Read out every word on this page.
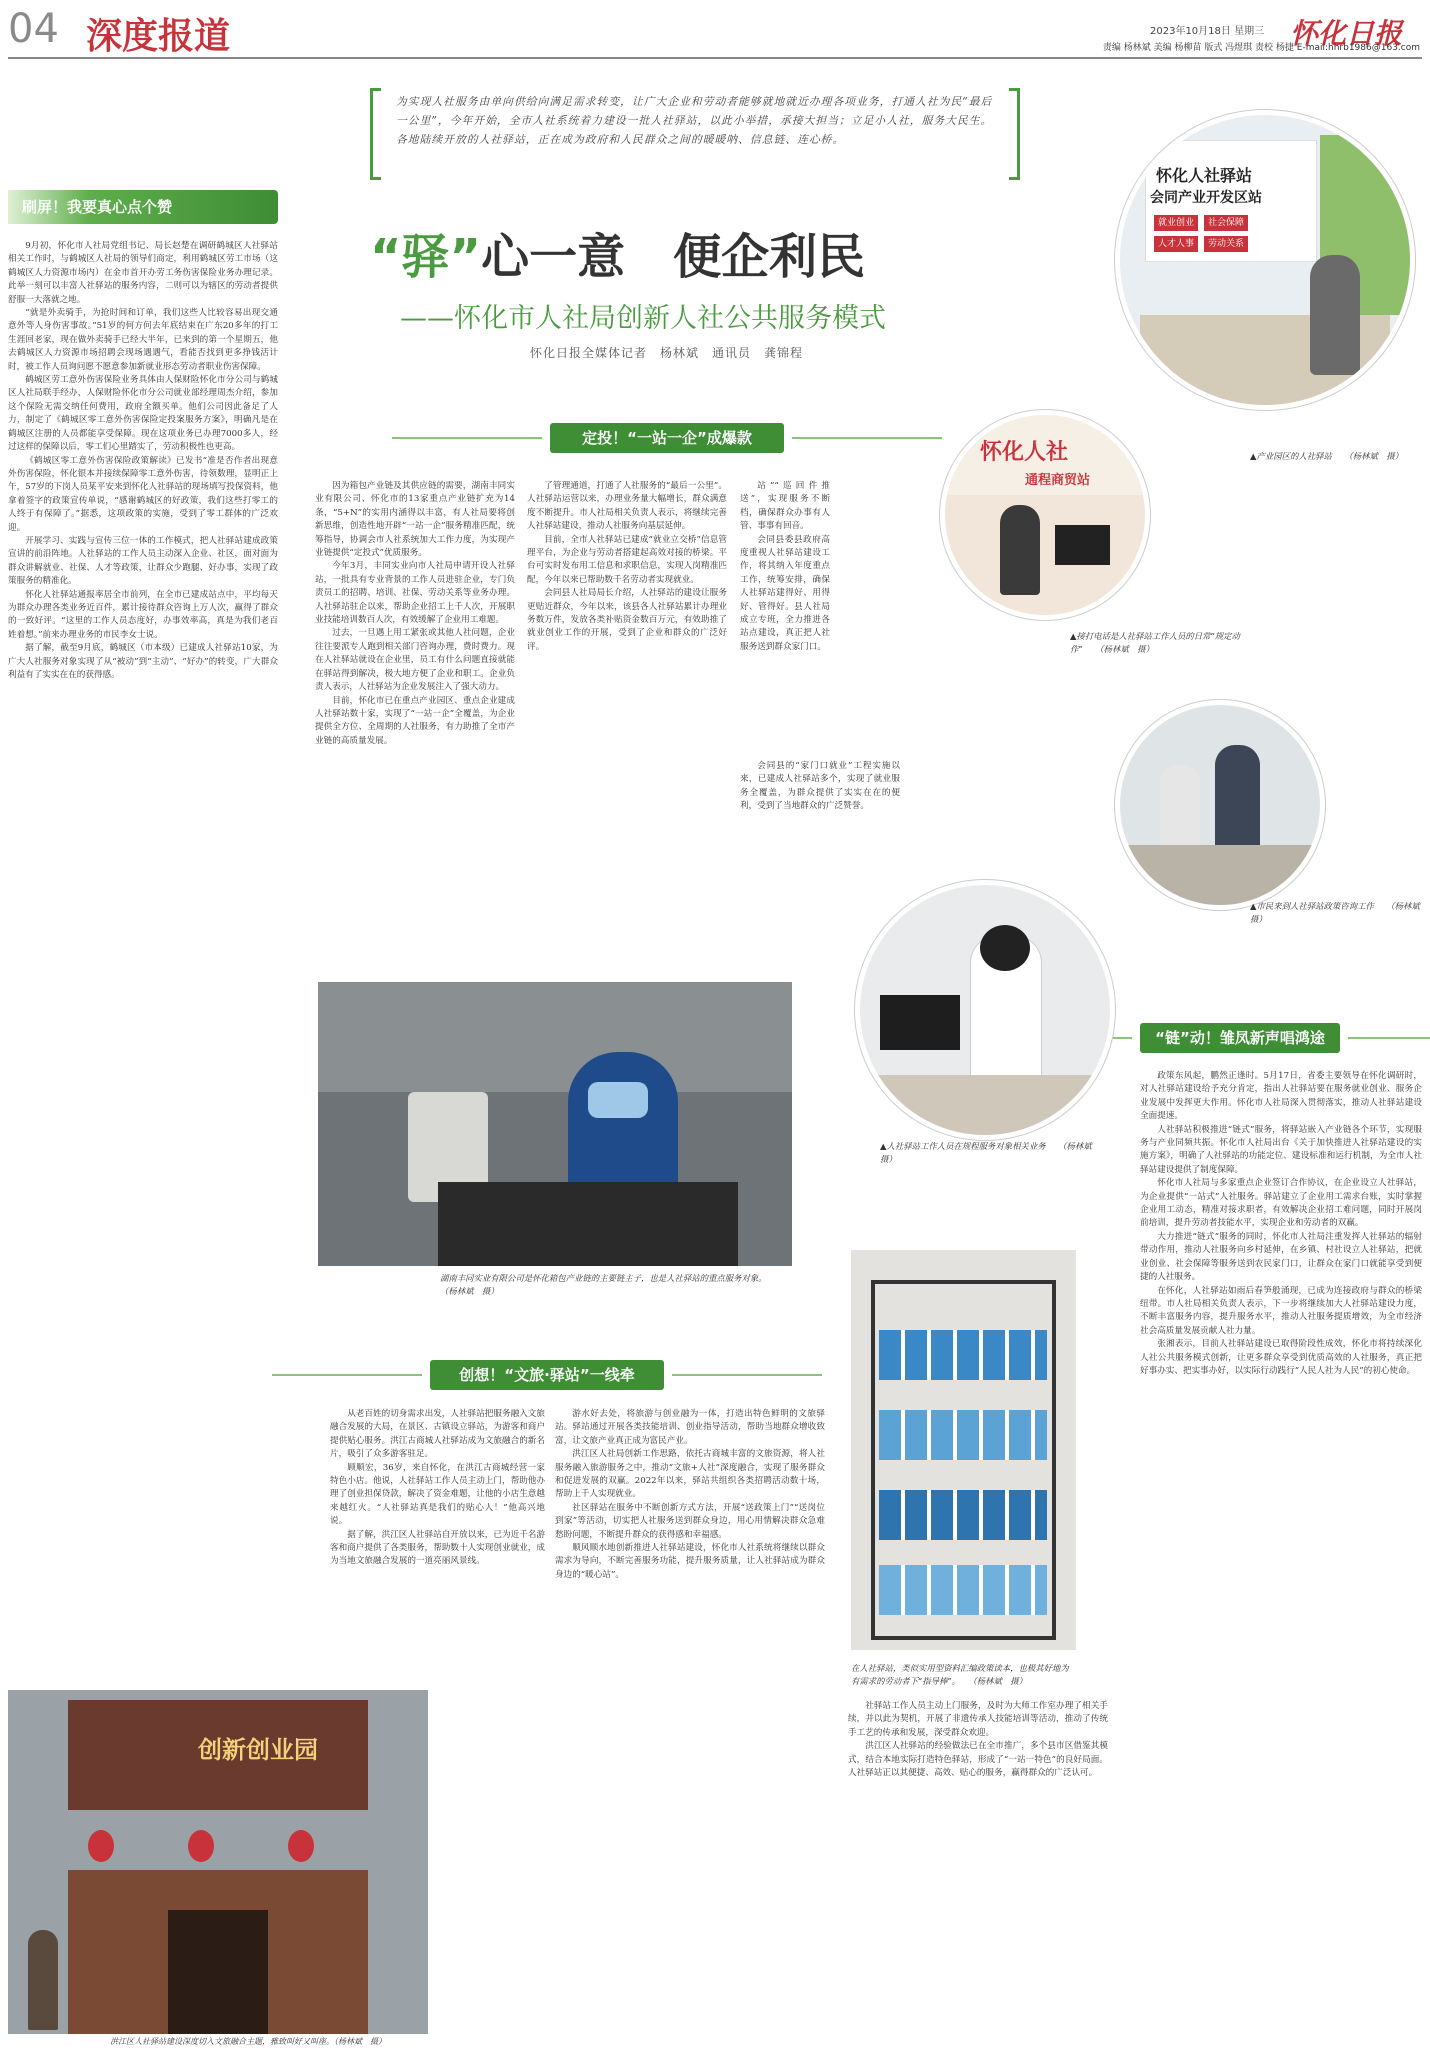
04 深度报道	2023年10月18日 星期三 怀化日报
责编 杨林斌 美编 杨柳苗 版式 冯煜琪 责校 杨捷 E-mail:hhrb1986@163.com
为实现人社服务由单向供给向满足需求转变，让广大企业和劳动者能够就地就近办理各项业务，打通人社为民“最后一公里”，今年开始，全市人社系统着力建设一批人社驿站，以此小举措，承接大担当；立足小人社，服务大民生。各地陆续开放的人社驿站，正在成为政府和人民群众之间的暖暖呐、信息链、连心桥。
“驿”心一意　便企利民
——怀化市人社局创新人社公共服务模式
怀化日报全媒体记者　杨林斌　通讯员　龚锦程
刷屏！我要真心点个赞
定投！“一站一企”成爆款
创想！“文旅·驿站”一线牵
“链”动！雏凤新声唱鸿途

9月初，怀化市人社局党组书记、局长赵楚在调研鹤城区人社驿站相关工作时，与鹤城区人社局的领导们商定，利用鹤城区劳工市场（这鹤城区人力资源市场内）在金市首开办劳工务伤害保险业务办理记录。此举一刻可以丰富人社驿站的服务内容，二则可以为辖区的劳动者提供舒服一大落就之地。

“就是外卖骑手，为抢时间和订单，我们这些人比较容易出现交通意外等人身伤害事故。”51岁的何方何去年底结束在广东20多年的打工生涯回老家，现在做外卖骑手已经大半年，已来到的第一个星期五，他去鹤城区人力资源市场招聘会现场遇遇气，看能否找到更多挣钱活计时，被工作人员询问愿不愿意参加新就业形态劳动者职业伤害保障。

鹤城区劳工意外伤害保险业务具体由人保财险怀化市分公司与鹤城区人社局联手经办，人保财险怀化市分公司就业部经理周杰介绍，参加这个保险无需交纳任何费用，政府全额买单。他们公司因此备足了人力，制定了《鹤城区零工意外伤害保险定投案服务方案》，明确凡是在鹤城区注册的人员都能享受保障。现在这项业务已办理7000多人，经过这样的保障以后，零工们心里踏实了，劳动积极性也更高。

《鹤城区零工意外伤害保险政策解读》已发书“准是否作者出现意外伤害保险，怀化银本并接续保障零工意外伤害，待领数理，显明正上午，57岁的下岗人员某平安来到怀化人社驿站的现场填写投保资料，他拿着签字的政策宣传单说，“感谢鹤城区的好政策，我们这些打零工的人终于有保障了。”据悉，这项政策的实施，受到了零工群体的广泛欢迎。

开展学习、实践与宣传三位一体的工作模式，把人社驿站建成政策宣讲的前沿阵地。人社驿站的工作人员主动深入企业、社区，面对面为群众讲解就业、社保、人才等政策，让群众少跑腿、好办事，实现了政策服务的精准化。

怀化人社驿站通报率居全市前列，在全市已建成站点中，平均每天为群众办理各类业务近百件，累计接待群众咨询上万人次，赢得了群众的一致好评。“这里的工作人员态度好，办事效率高，真是为我们老百姓着想。”前来办理业务的市民李女士说。

据了解，截至9月底，鹤城区（市本级）已建成人社驿站10家，为广大人社服务对象实现了从“被动”到“主动”、“好办”的转变，广大群众利益有了实实在在的获得感。

因为箱包产业链及其供应链的需要，湖南丰同实业有限公司、怀化市的13家重点产业链扩充为14条，“5+N”的实用内涵得以丰富，有人社局要将创新思维，创造性地开辟“一站一企”服务精准匹配，统筹指导，协调会市人社系统加大工作力度，为实现产业链提供“定投式”优质服务。

今年3月，丰同实业向市人社局申请开设人社驿站，一批具有专业背景的工作人员进驻企业，专门负责员工的招聘、培训、社保、劳动关系等业务办理。人社驿站驻企以来，帮助企业招工上千人次，开展职业技能培训数百人次，有效缓解了企业用工难题。

过去，一旦遇上用工紧张或其他人社问题，企业往往要派专人跑到相关部门咨询办理，费时费力。现在人社驿站就设在企业里，员工有什么问题直接就能在驿站得到解决，极大地方便了企业和职工。企业负责人表示，人社驿站为企业发展注入了强大动力。

目前，怀化市已在重点产业园区、重点企业建成人社驿站数十家，实现了“一站一企”全覆盖，为企业提供全方位、全周期的人社服务，有力助推了全市产业链的高质量发展。

了管理通道，打通了人社服务的“最后一公里”。人社驿站运营以来，办理业务量大幅增长，群众满意度不断提升。市人社局相关负责人表示，将继续完善人社驿站建设，推动人社服务向基层延伸。

目前，全市人社驿站已建成“就业立交桥”信息管理平台，为企业与劳动者搭建起高效对接的桥梁。平台可实时发布用工信息和求职信息，实现人岗精准匹配，今年以来已帮助数千名劳动者实现就业。

会同县人社局局长介绍，人社驿站的建设让服务更贴近群众，今年以来，该县各人社驿站累计办理业务数万件，发放各类补贴资金数百万元，有效助推了就业创业工作的开展，受到了企业和群众的广泛好评。

站”“巡回件推送”，实现服务不断档，确保群众办事有人管、事事有回音。

会同县委县政府高度重视人社驿站建设工作，将其纳入年度重点工作，统筹安排，确保人社驿站建得好、用得好、管得好。县人社局成立专班，全力推进各站点建设，真正把人社服务送到群众家门口。

会同县的“家门口就业”工程实施以来，已建成人社驿站多个，实现了就业服务全覆盖，为群众提供了实实在在的便利，受到了当地群众的广泛赞誉。

怀化人社驿站
会同产业开发区站
就业创业	社会保障
人才人事	劳动关系
▲产业园区的人社驿站　　（杨林斌　摄）
怀化人社
通程商贸站
▲接打电话是人社驿站工作人员的日常“规定动作”　　（杨林斌　摄）
▲市民来到人社驿站政策咨询工作　　（杨林斌　摄）
▲人社驿站工作人员在规程服务对象相关业务　　（杨林斌　摄）
湖南丰同实业有限公司是怀化箱包产业链的主要链主子，也是人社驿站的重点服务对象。　　（杨林斌　摄）
在人社驿站，类似实用型资料汇编政策读本，也极其好地为有需求的劳动者下“指导棒”。　　（杨林斌　摄）
创新创业园
洪江区人社驿站建设深度切入文旅融合主题，雅致叫好又叫座。（杨林斌　摄）

从老百姓的切身需求出发，人社驿站把服务融入文旅融合发展的大局，在景区、古镇设立驿站，为游客和商户提供贴心服务。洪江古商城人社驿站成为文旅融合的新名片，吸引了众多游客驻足。

顾顺宏，36岁，来自怀化，在洪江古商城经营一家特色小店。他说，人社驿站工作人员主动上门，帮助他办理了创业担保贷款，解决了资金难题，让他的小店生意越来越红火。“人社驿站真是我们的贴心人！”他高兴地说。

据了解，洪江区人社驿站自开放以来，已为近千名游客和商户提供了各类服务，帮助数十人实现创业就业，成为当地文旅融合发展的一道亮丽风景线。

游水好去处，将旅游与创业融为一体，打造出特色鲜明的文旅驿站。驿站通过开展各类技能培训、创业指导活动，帮助当地群众增收致富，让文旅产业真正成为富民产业。

洪江区人社局创新工作思路，依托古商城丰富的文旅资源，将人社服务融入旅游服务之中，推动“文旅+人社”深度融合，实现了服务群众和促进发展的双赢。2022年以来，驿站共组织各类招聘活动数十场，帮助上千人实现就业。

社区驿站在服务中不断创新方式方法，开展“送政策上门”“送岗位到家”等活动，切实把人社服务送到群众身边，用心用情解决群众急难愁盼问题，不断提升群众的获得感和幸福感。

顺风顺水地创新推进人社驿站建设，怀化市人社系统将继续以群众需求为导向，不断完善服务功能，提升服务质量，让人社驿站成为群众身边的“暖心站”。

社驿站工作人员主动上门服务，及时为大师工作室办理了相关手续，并以此为契机，开展了非遗传承人技能培训等活动，推动了传统手工艺的传承和发展，深受群众欢迎。

洪江区人社驿站的经验做法已在全市推广，多个县市区借鉴其模式，结合本地实际打造特色驿站，形成了“一站一特色”的良好局面。人社驿站正以其便捷、高效、贴心的服务，赢得群众的广泛认可。

政策东风起，鹏然正逢时。5月17日，省委主要领导在怀化调研时，对人社驿站建设给予充分肯定，指出人社驿站要在服务就业创业、服务企业发展中发挥更大作用。怀化市人社局深入贯彻落实，推动人社驿站建设全面提速。

人社驿站积极推进“链式”服务，将驿站嵌入产业链各个环节，实现服务与产业同频共振。怀化市人社局出台《关于加快推进人社驿站建设的实施方案》，明确了人社驿站的功能定位、建设标准和运行机制，为全市人社驿站建设提供了制度保障。

怀化市人社局与多家重点企业签订合作协议，在企业设立人社驿站，为企业提供“一站式”人社服务。驿站建立了企业用工需求台账，实时掌握企业用工动态，精准对接求职者，有效解决企业招工难问题，同时开展岗前培训，提升劳动者技能水平，实现企业和劳动者的双赢。

大力推进“链式”服务的同时，怀化市人社局注重发挥人社驿站的辐射带动作用，推动人社服务向乡村延伸，在乡镇、村社设立人社驿站，把就业创业、社会保障等服务送到农民家门口，让群众在家门口就能享受到便捷的人社服务。

在怀化，人社驿站如雨后春笋般涌现，已成为连接政府与群众的桥梁纽带。市人社局相关负责人表示，下一步将继续加大人社驿站建设力度，不断丰富服务内容，提升服务水平，推动人社服务提质增效，为全市经济社会高质量发展贡献人社力量。

张湘表示，目前人社驿站建设已取得阶段性成效，怀化市将持续深化人社公共服务模式创新，让更多群众享受到优质高效的人社服务，真正把好事办实、把实事办好，以实际行动践行“人民人社为人民”的初心使命。
